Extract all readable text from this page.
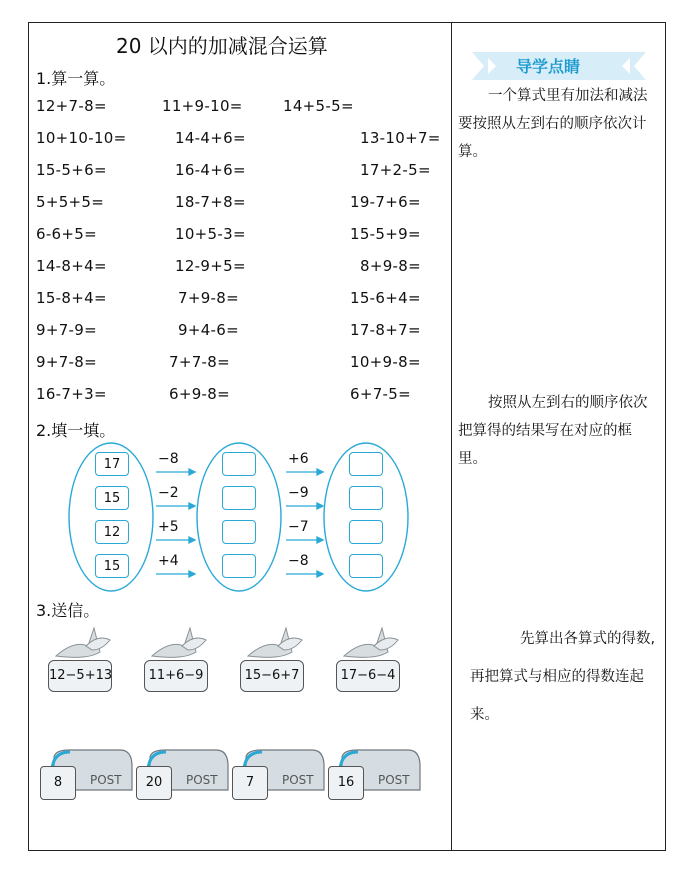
20 以内的加减混合运算
1.算一算。
12+7-8=	11+9-10=	14+5-5=
10+10-10=	14-4+6=	13-10+7=
15-5+6=	16-4+6=	17+2-5=
5+5+5=	18-7+8=	19-7+6=
6-6+5=	10+5-3=	15-5+9=
14-8+4=	12-9+5=	8+9-8=
15-8+4=	7+9-8=	15-6+4=
9+7-9=	9+4-6=	17-8+7=
9+7-8=	7+7-8=	10+9-8=
16-7+3=	6+9-8=	6+7-5=
2.填一填。
17	−8	+6
15	−2	−9
12	+5	−7
15	+4	−8
3.送信。
12−5+13	11+6−9	15−6+7	17−6−4
8	POST	20	POST	7	POST	16	POST
导学点睛
一个算式里有加法和减法要按照从左到右的顺序依次计算。
按照从左到右的顺序依次把算得的结果写在对应的框里。
先算出各算式的得数,再把算式与相应的得数连起来。
